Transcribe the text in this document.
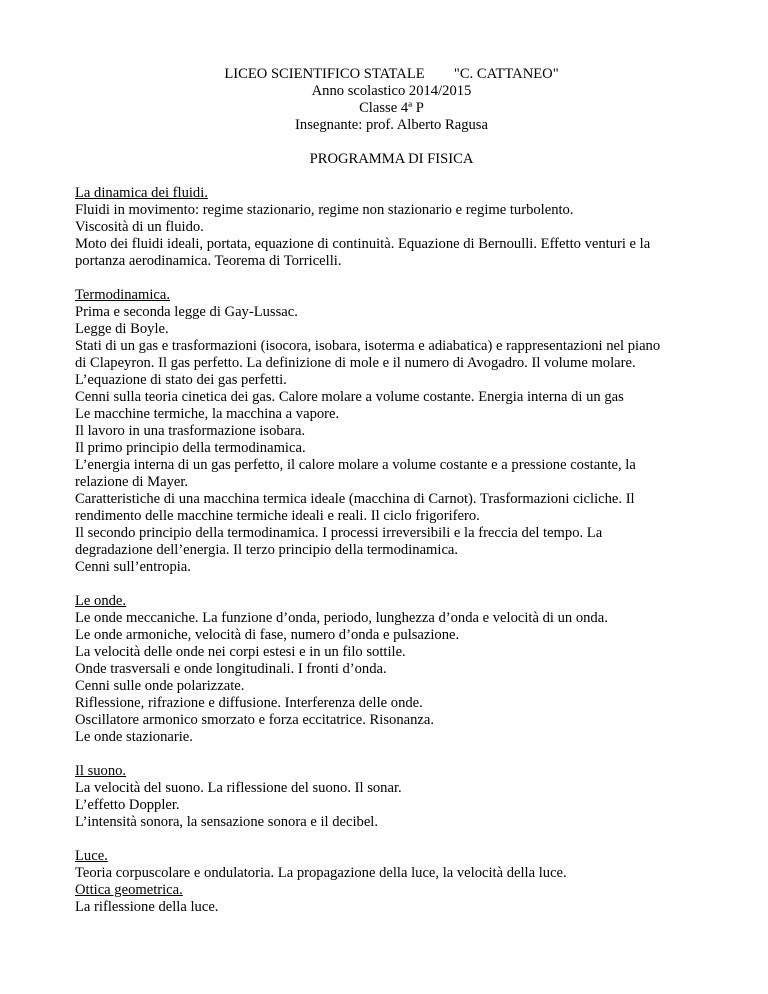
LICEO SCIENTIFICO STATALE "C. CATTANEO"
Anno scolastico 2014/2015
Classe 4ª P
Insegnante: prof. Alberto Ragusa
PROGRAMMA DI FISICA
La dinamica dei fluidi.
Fluidi in movimento: regime stazionario, regime non stazionario e regime turbolento.
Viscosità di un fluido.
Moto dei fluidi ideali, portata, equazione di continuità. Equazione di Bernoulli. Effetto venturi e la
portanza aerodinamica. Teorema di Torricelli.
Termodinamica.
Prima e seconda legge di Gay-Lussac.
Legge di Boyle.
Stati di un gas e trasformazioni (isocora, isobara, isoterma e adiabatica) e rappresentazioni nel piano
di Clapeyron. Il gas perfetto. La definizione di mole e il numero di Avogadro. Il volume molare.
L’equazione di stato dei gas perfetti.
Cenni sulla teoria cinetica dei gas. Calore molare a volume costante. Energia interna di un gas
Le macchine termiche, la macchina a vapore.
Il lavoro in una trasformazione isobara.
Il primo principio della termodinamica.
L’energia interna di un gas perfetto, il calore molare a volume costante e a pressione costante, la
relazione di Mayer.
Caratteristiche di una macchina termica ideale (macchina di Carnot). Trasformazioni cicliche. Il
rendimento delle macchine termiche ideali e reali. Il ciclo frigorifero.
Il secondo principio della termodinamica. I processi irreversibili e la freccia del tempo. La
degradazione dell’energia. Il terzo principio della termodinamica.
Cenni sull’entropia.
Le onde.
Le onde meccaniche. La funzione d’onda, periodo, lunghezza d’onda e velocità di un onda.
Le onde armoniche, velocità di fase, numero d’onda e pulsazione.
La velocità delle onde nei corpi estesi e in un filo sottile.
Onde trasversali e onde longitudinali. I fronti d’onda.
Cenni sulle onde polarizzate.
Riflessione, rifrazione e diffusione. Interferenza delle onde.
Oscillatore armonico smorzato e forza eccitatrice. Risonanza.
Le onde stazionarie.
Il suono.
La velocità del suono. La riflessione del suono. Il sonar.
L’effetto Doppler.
L’intensità sonora, la sensazione sonora e il decibel.
Luce.
Teoria corpuscolare e ondulatoria. La propagazione della luce, la velocità della luce.
Ottica geometrica.
La riflessione della luce.
